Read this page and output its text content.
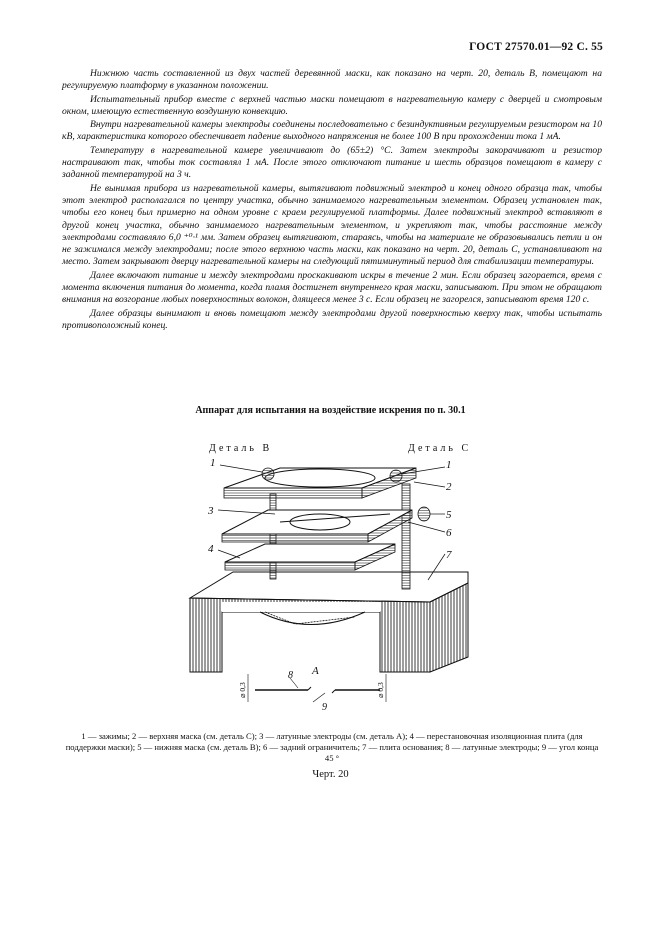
ГОСТ 27570.01—92 С. 55

Нижнюю часть составленной из двух частей деревянной маски, как показано на черт. 20, деталь В, помещают на регулируемую платформу в указанном положении.

Испытательный прибор вместе с верхней частью маски помещают в нагревательную камеру с дверцей и смотровым окном, имеющую естественную воздушную конвекцию.

Внутри нагревательной камеры электроды соединены последовательно с безиндуктивным регулируемым резистором на 10 кВ, характеристика которого обеспечивает падение выходного напряжения не более 100 В при прохождении тока 1 мА.

Температуру в нагревательной камере увеличивают до (65±2) °С. Затем электроды закорачивают и резистор настраивают так, чтобы ток составлял 1 мА. После этого отключают питание и шесть образцов помещают в камеру с заданной температурой на 3 ч.

Не вынимая прибора из нагревательной камеры, вытягивают подвижный электрод и конец одного образца так, чтобы этот электрод располагался по центру участка, обычно занимаемого нагревательным элементом. Образец установлен так, чтобы его конец был примерно на одном уровне с краем регулируемой платформы. Далее подвижный электрод вставляют в другой конец участка, обычно занимаемого нагревательным элементом, и укрепляют так, чтобы расстояние между электродами составляло 6,0 ⁺⁰·¹ мм. Затем образец вытягивают, стараясь, чтобы на материале не образовывались петли и он не зажимался между электродами; после этого верхнюю часть маски, как показано на черт. 20, деталь С, устанавливают на место. Затем закрывают дверцу нагревательной камеры на следующий пятиминутный период для стабилизации температуры.

Далее включают питание и между электродами проскакивают искры в течение 2 мин. Если образец загорается, время с момента включения питания до момента, когда пламя достигнет внутреннего края маски, записывают. При этом не обращают внимания на возгорание любых поверхностных волокон, длящееся менее 3 с. Если образец не загорелся, записывают время 120 с.

Далее образцы вынимают и вновь помещают между электродами другой поверхностью кверху так, чтобы испытать противоположный конец.

Аппарат для испытания на воздействие искрения по п. 30.1
Деталь В	Деталь С
1	1
2
3	5
6
4	7
А
8
9
⌀ 0,3	⌀ 0,3
1 — зажимы; 2 — верхняя маска (см. деталь С); 3 — латунные электроды (см. деталь А); 4 — перестановочная изоляционная плита (для поддержки маски); 5 — нижняя маска (см. деталь В); 6 — задний ограничитель; 7 — плита основания; 8 — латунные электроды; 9 — угол конца 45 °
Черт. 20
